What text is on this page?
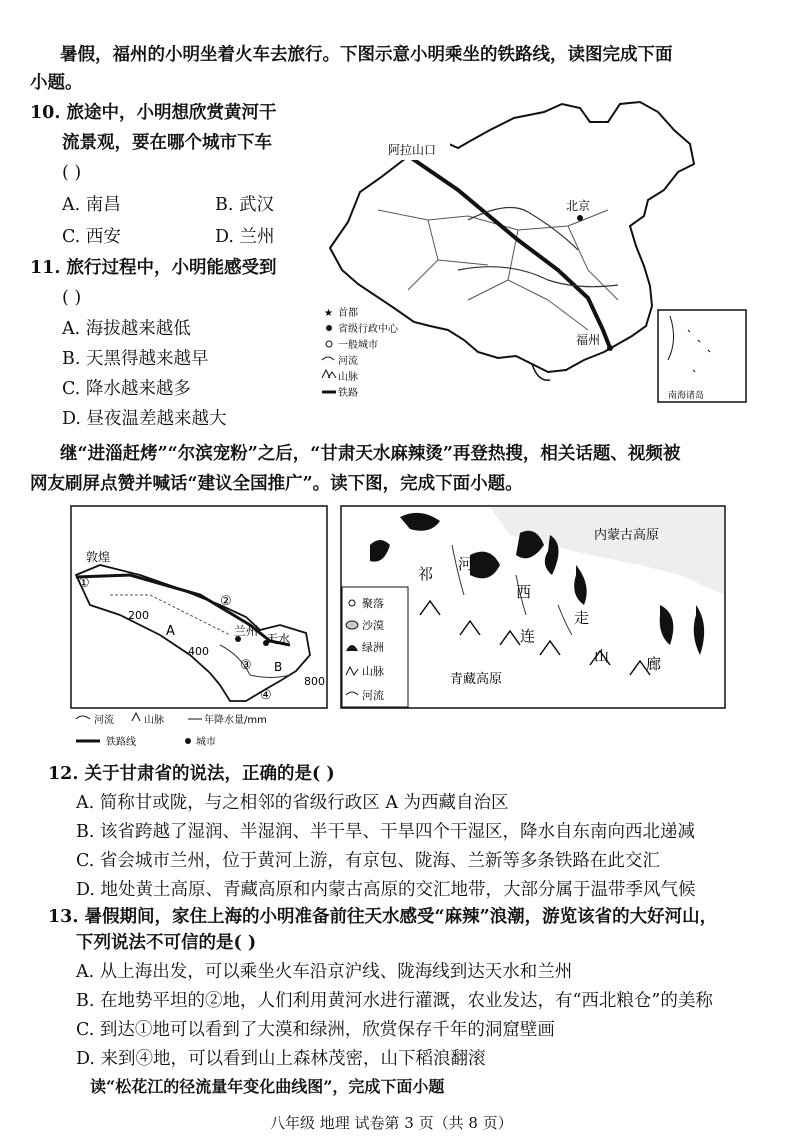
暑假，福州的小明坐着火车去旅行。下图示意小明乘坐的铁路线，读图完成下面
小题。
10. 旅途中，小明想欣赏黄河干
流景观，要在哪个城市下车
( )
A. 南昌	B. 武汉
C. 西安	D. 兰州
11. 旅行过程中，小明能感受到
( )
A. 海拔越来越低
B. 天黑得越来越早
C. 降水越来越多
D. 昼夜温差越来越大
阿拉山口
北京
福州
★ 首都
省级行政中心
一般城市
河流
山脉
铁路	南海诸岛
继“进淄赶烤”“尔滨宠粉”之后，“甘肃天水麻辣烫”再登热搜，相关话题、视频被
网友刷屏点赞并喊话“建议全国推广”。读下图，完成下面小题。
敦煌
①
②
200
A	兰州
天水
400
③ B
④
800
河流	山脉	年降水量/mm
铁路线	城市
内蒙古高原
青藏高原
祁
河
西
连
走
山 廊
聚落
沙漠
绿洲
山脉
河流
12. 关于甘肃省的说法，正确的是( )
A. 简称甘或陇，与之相邻的省级行政区 A 为西藏自治区
B. 该省跨越了湿润、半湿润、半干旱、干旱四个干湿区，降水自东南向西北递减
C. 省会城市兰州，位于黄河上游，有京包、陇海、兰新等多条铁路在此交汇
D. 地处黄土高原、青藏高原和内蒙古高原的交汇地带，大部分属于温带季风气候
13. 暑假期间，家住上海的小明准备前往天水感受“麻辣”浪潮，游览该省的大好河山，
下列说法不可信的是( )
A. 从上海出发，可以乘坐火车沿京沪线、陇海线到达天水和兰州
B. 在地势平坦的②地，人们利用黄河水进行灌溉，农业发达，有“西北粮仓”的美称
C. 到达①地可以看到了大漠和绿洲，欣赏保存千年的洞窟壁画
D. 来到④地，可以看到山上森林茂密，山下稻浪翻滚
读“松花江的径流量年变化曲线图”，完成下面小题
八年级 地理 试卷第 3 页（共 8 页）
